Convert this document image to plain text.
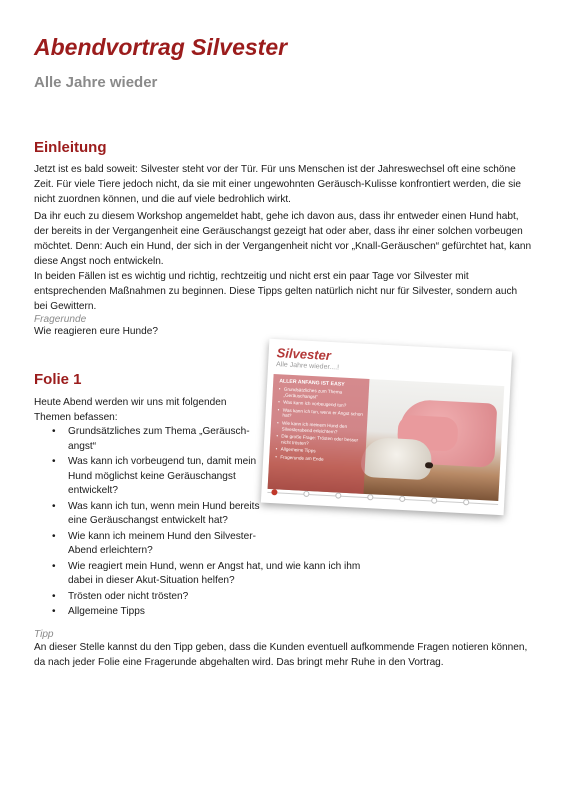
Abendvortrag Silvester
Alle Jahre wieder
Einleitung

Jetzt ist es bald soweit: Silvester steht vor der Tür. Für uns Menschen ist der Jahreswechsel oft eine schöne Zeit. Für viele Tiere jedoch nicht, da sie mit einer ungewohnten Geräusch-Kulisse konfrontiert werden, die sie nicht zuordnen können, und die auf viele bedrohlich wirkt.

Da ihr euch zu diesem Workshop angemeldet habt, gehe ich davon aus, dass ihr entweder einen Hund habt, der bereits in der Vergangenheit eine Geräuschangst gezeigt hat oder aber, dass ihr einer solchen vorbeugen möchtet. Denn: Auch ein Hund, der sich in der Vergangenheit nicht vor „Knall-Geräuschen“ gefürchtet hat, kann diese Angst noch entwickeln.

In beiden Fällen ist es wichtig und richtig, rechtzeitig und nicht erst ein paar Tage vor Silvester mit entsprechenden Maßnahmen zu beginnen. Diese Tipps gelten natürlich nicht nur für Silvester, sondern auch bei Gewittern.

Fragerunde

Wie reagieren eure Hunde?

Folie 1

Heute Abend werden wir uns mit folgenden Themen befassen:

• Grundsätzliches zum Thema „Geräusch-angst“
• Was kann ich vorbeugend tun, damit mein Hund möglichst keine Geräuschangst entwickelt?
• Was kann ich tun, wenn mein Hund bereits eine Geräuschangst entwickelt hat?
• Wie kann ich meinem Hund den Silvester-Abend erleichtern?
• Wie reagiert mein Hund, wenn er Angst hat, und wie kann ich ihm dabei in dieser Akut-Situation helfen?
• Trösten oder nicht trösten?
• Allgemeine Tipps

Tipp

An dieser Stelle kannst du den Tipp geben, dass die Kunden eventuell aufkommende Fragen notieren können, da nach jeder Folie eine Fragerunde abgehalten wird. Das bringt mehr Ruhe in den Vortrag.

Silvester
Alle Jahre wieder....!
ALLER ANFANG IST EASY
• Grundsätzliches zum Thema „Geräuschangst“
• Was kann ich vorbeugend tun?
• Was kann ich tun, wenn er Angst schon hat?
• Wie kann ich meinem Hund den Silvesterabend erleichtern?
• Die große Frage: Trösten oder besser nicht trösten?
• Allgemeine Tipps
• Fragerunde am Ende
